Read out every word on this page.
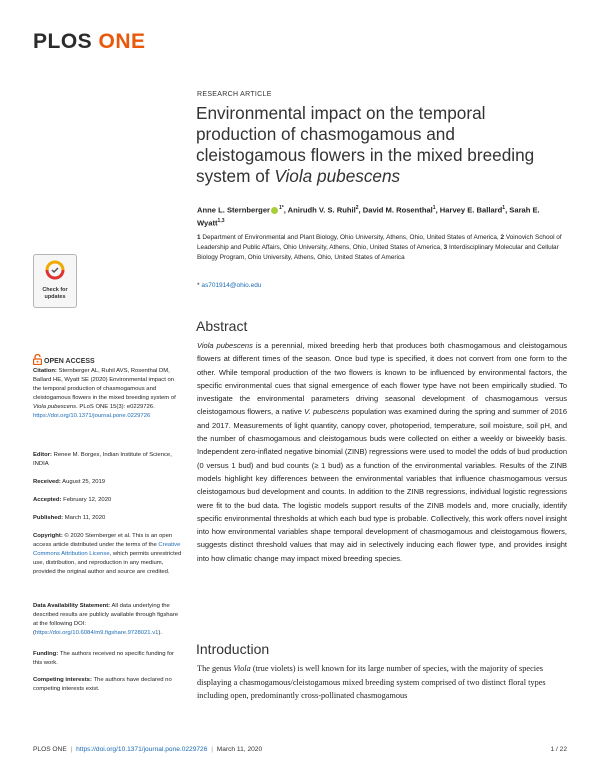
PLOS ONE
Check for
updates
OPEN ACCESS
Citation: Sternberger AL, Ruhil AVS, Rosenthal DM, Ballard HE, Wyatt SE (2020) Environmental impact on the temporal production of chasmogamous and cleistogamous flowers in the mixed breeding system of Viola pubescens. PLoS ONE 15(3): e0229726. https://doi.org/10.1371/journal.pone.0229726
Editor: Renee M. Borges, Indian Institute of Science, INDIA
Received: August 25, 2019
Accepted: February 12, 2020
Published: March 11, 2020
Copyright: © 2020 Sternberger et al. This is an open access article distributed under the terms of the Creative Commons Attribution License, which permits unrestricted use, distribution, and reproduction in any medium, provided the original author and source are credited.
Data Availability Statement: All data underlying the described results are publicly available through figshare at the following DOI: (https://doi.org/10.6084/m9.figshare.9728021.v1).
Funding: The authors received no specific funding for this work.
Competing interests: The authors have declared no competing interests exist.
RESEARCH ARTICLE
Environmental impact on the temporal production of chasmogamous and cleistogamous flowers in the mixed breeding system of Viola pubescens
Anne L. Sternberger $^{1*}$, Anirudh V. S. Ruhil$^2$, David M. Rosenthal$^1$, Harvey E. Ballard$^1$, Sarah E. Wyatt$^{1,3}$
1 Department of Environmental and Plant Biology, Ohio University, Athens, Ohio, United States of America, 2 Voinovich School of Leadership and Public Affairs, Ohio University, Athens, Ohio, United States of America, 3 Interdisciplinary Molecular and Cellular Biology Program, Ohio University, Athens, Ohio, United States of America
* as701914@ohio.edu
Abstract
Viola pubescens is a perennial, mixed breeding herb that produces both chasmogamous and cleistogamous flowers at different times of the season. Once bud type is specified, it does not convert from one form to the other. While temporal production of the two flowers is known to be influenced by environmental factors, the specific environmental cues that signal emergence of each flower type have not been empirically studied. To investigate the environmental parameters driving seasonal development of chasmogamous versus cleistogamous flowers, a native V. pubescens population was examined during the spring and summer of 2016 and 2017. Measurements of light quantity, canopy cover, photoperiod, temperature, soil moisture, soil pH, and the number of chasmogamous and cleistogamous buds were collected on either a weekly or biweekly basis. Independent zero-inflated negative binomial (ZINB) regressions were used to model the odds of bud production (0 versus 1 bud) and bud counts (≥ 1 bud) as a function of the environmental variables. Results of the ZINB models highlight key differences between the environmental variables that influence chasmogamous versus cleistogamous bud development and counts. In addition to the ZINB regressions, individual logistic regressions were fit to the bud data. The logistic models support results of the ZINB models and, more crucially, identify specific environmental thresholds at which each bud type is probable. Collectively, this work offers novel insight into how environmental variables shape temporal development of chasmogamous and cleistogamous flowers, suggests distinct threshold values that may aid in selectively inducing each flower type, and provides insight into how climatic change may impact mixed breeding species.
Introduction
The genus Viola (true violets) is well known for its large number of species, with the majority of species displaying a chasmogamous/cleistogamous mixed breeding system comprised of two distinct floral types including open, predominantly cross-pollinated chasmogamous
PLOS ONE | https://doi.org/10.1371/journal.pone.0229726 | March 11, 2020	1 / 22
